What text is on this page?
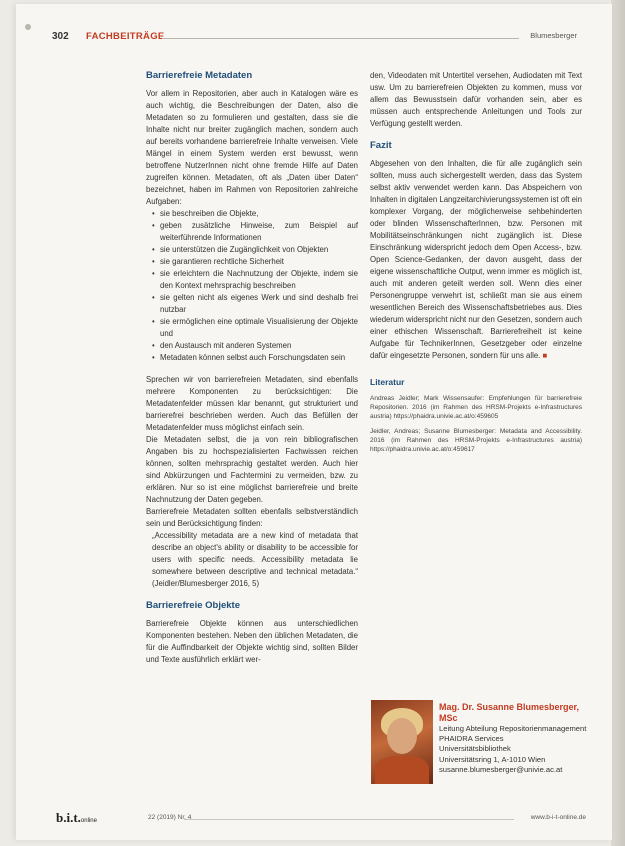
302 FACHBEITRÄGE	Blumesberger
Barrierefreie Metadaten

Vor allem in Repositorien, aber auch in Katalogen wäre es auch wichtig, die Beschreibungen der Daten, also die Metadaten so zu formulieren und gestalten, dass sie die Inhalte nicht nur breiter zugänglich machen, sondern auch auf bereits vorhandene barrierefreie Inhalte verweisen. Viele Mängel in einem System werden erst bewusst, wenn betroffene NutzerInnen nicht ohne fremde Hilfe auf Daten zugreifen können. Metadaten, oft als „Daten über Daten“ bezeichnet, haben im Rahmen von Repositorien zahlreiche Aufgaben:

• sie beschreiben die Objekte,
• geben zusätzliche Hinweise, zum Beispiel auf weiterführende Informationen
• sie unterstützen die Zugänglichkeit von Objekten
• sie garantieren rechtliche Sicherheit
• sie erleichtern die Nachnutzung der Objekte, indem sie den Kontext mehrsprachig beschreiben
• sie gelten nicht als eigenes Werk und sind deshalb frei nutzbar
• sie ermöglichen eine optimale Visualisierung der Objekte und
• den Austausch mit anderen Systemen
• Metadaten können selbst auch Forschungsdaten sein

Sprechen wir von barrierefreien Metadaten, sind ebenfalls mehrere Komponenten zu berücksichtigen: Die Metadatenfelder müssen klar benannt, gut strukturiert und barrierefrei beschrieben werden. Auch das Befüllen der Metadatenfelder muss möglichst einfach sein.

Die Metadaten selbst, die ja von rein bibliografischen Angaben bis zu hochspezialisierten Fachwissen reichen können, sollten mehrsprachig gestaltet werden. Auch hier sind Abkürzungen und Fachtermini zu vermeiden, bzw. zu erklären. Nur so ist eine möglichst barrierefreie und breite Nachnutzung der Daten gegeben.

Barrierefreie Metadaten sollten ebenfalls selbstverständlich sein und Berücksichtigung finden:

„Accessibility metadata are a new kind of metadata that describe an object's ability or disability to be accessible for users with specific needs. Accessibility metadata lie somewhere between descriptive and technical metadata.“ (Jeidler/Blumesberger 2016, 5)

Barrierefreie Objekte

Barrierefreie Objekte können aus unterschiedlichen Komponenten bestehen. Neben den üblichen Metadaten, die für die Auffindbarkeit der Objekte wichtig sind, sollten Bilder und Texte ausführlich erklärt wer-

den, Videodaten mit Untertitel versehen, Audiodaten mit Text usw. Um zu barrierefreien Objekten zu kommen, muss vor allem das Bewusstsein dafür vorhanden sein, aber es müssen auch entsprechende Anleitungen und Tools zur Verfügung gestellt werden.

Fazit

Abgesehen von den Inhalten, die für alle zugänglich sein sollten, muss auch sichergestellt werden, dass das System selbst aktiv verwendet werden kann. Das Abspeichern von Inhalten in digitalen Langzeitarchivierungssystemen ist oft ein komplexer Vorgang, der möglicherweise sehbehinderten oder blinden WissenschafterInnen, bzw. Personen mit Mobilitätseinschränkungen nicht zugänglich ist. Diese Einschränkung widerspricht jedoch dem Open Access-, bzw. Open Science-Gedanken, der davon ausgeht, dass der eigene wissenschaftliche Output, wenn immer es möglich ist, auch mit anderen geteilt werden soll. Wenn dies einer Personengruppe verwehrt ist, schließt man sie aus einem wesentlichen Bereich des Wissenschaftsbetriebes aus. Dies wiederum widerspricht nicht nur den Gesetzen, sondern auch einer ethischen Wissenschaft. Barrierefreiheit ist keine Aufgabe für TechnikerInnen, Gesetzgeber oder einzelne dafür eingesetzte Personen, sondern für uns alle. ■

Literatur

Andreas Jeidler; Mark Wissensaufer: Empfehlungen für barrierefreie Repositorien. 2016 (im Rahmen des HRSM-Projekts e-Infrastructures austria) https://phaidra.univie.ac.at/o:459605

Jeidler, Andreas; Susanne Blumesberger: Metadata and Accessibility. 2016 (im Rahmen des HRSM-Projekts e-Infrastructures austria) https://phaidra.univie.ac.at/o:459617

Mag. Dr. Susanne Blumesberger, MSc
Leitung Abteilung Repositorienmanagement PHAIDRA Services
Universitätsbibliothek
Universitätsring 1, A-1010 Wien
susanne.blumesberger@univie.ac.at
b.i.t.online	22 (2019) Nr. 4	www.b-i-t-online.de
